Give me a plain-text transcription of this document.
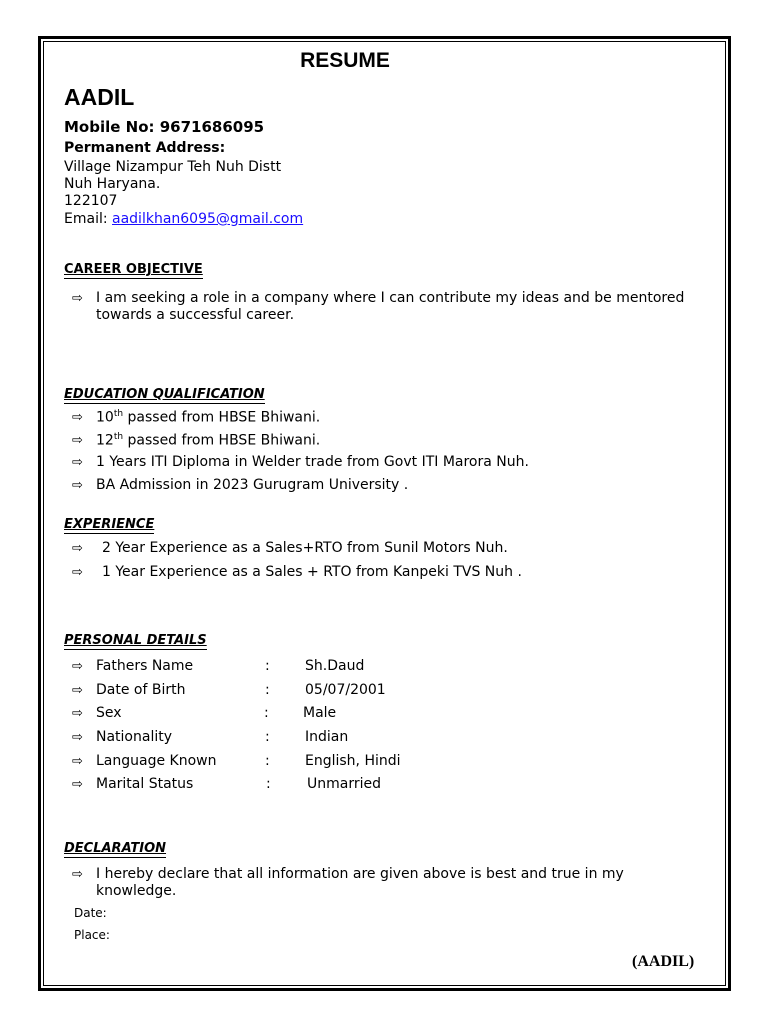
RESUME
AADIL
Mobile No: 9671686095
Permanent Address:
Village Nizampur Teh Nuh Distt
Nuh Haryana.
122107
Email: aadilkhan6095@gmail.com
CAREER OBJECTIVE
⇨ I am seeking a role in a company where I can contribute my ideas and be mentored
towards a successful career.
EDUCATION QUALIFICATION
⇨ 10th passed from HBSE Bhiwani.
⇨ 12th passed from HBSE Bhiwani.
⇨ 1 Years ITI Diploma in Welder trade from Govt ITI Marora Nuh.
⇨ BA Admission in 2023 Gurugram University .
EXPERIENCE
⇨ 2 Year Experience as a Sales+RTO from Sunil Motors Nuh.
⇨ 1 Year Experience as a Sales + RTO from Kanpeki TVS Nuh .
PERSONAL DETAILS
⇨ Fathers Name	:	Sh.Daud
⇨ Date of Birth	:	05/07/2001
⇨ Sex	: Male
⇨ Nationality	:	Indian
⇨ Language Known	:	English, Hindi
⇨ Marital Status	:	Unmarried
DECLARATION
⇨ I hereby declare that all information are given above is best and true in my
knowledge.
Date:
Place:
(AADIL)
